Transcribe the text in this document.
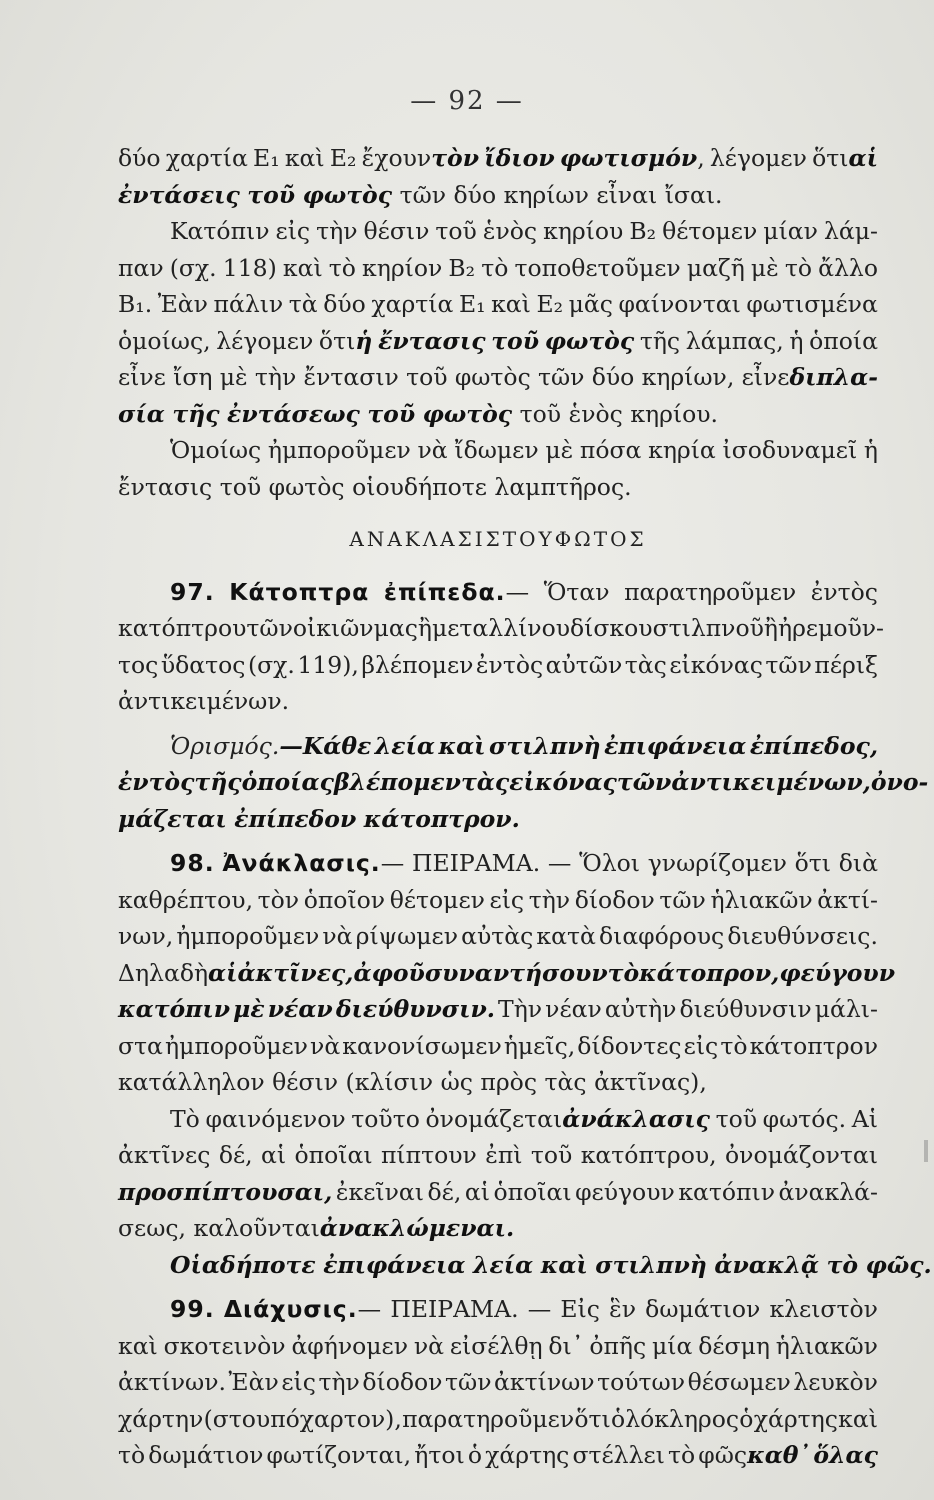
— 92 —
δύο χαρτία Ε₁ καὶ Ε₂ ἔχουντὸν ἴδιον φωτισμόν, λέγομεν ὅτιαἱ
ἐντάσεις τοῦ φωτὸς τῶν δύο κηρίων εἶναι ἴσαι.
Κατόπιν εἰς τὴν θέσιν τοῦ ἑνὸς κηρίου Β₂ θέτομεν μίαν λάμ-
παν (σχ. 118) καὶ τὸ κηρίον Β₂ τὸ τοποθετοῦμεν μαζῆ μὲ τὸ ἄλλο
Β₁. Ἐὰν πάλιν τὰ δύο χαρτία Ε₁ καὶ Ε₂ μᾶς φαίνονται φωτισμένα
ὁμοίως, λέγομεν ὅτιἡ ἔντασις τοῦ φωτὸς τῆς λάμπας, ἡ ὁποία
εἶνε ἴση μὲ τὴν ἔντασιν τοῦ φωτὸς τῶν δύο κηρίων, εἶνεδιπλα-
σία τῆς ἐντάσεως τοῦ φωτὸς τοῦ ἑνὸς κηρίου.
Ὁμοίως ἠμποροῦμεν νὰ ἴδωμεν μὲ πόσα κηρία ἰσοδυναμεῖ ἡ
ἔντασις τοῦ φωτὸς οἱουδήποτε λαμπτῆρος.
ΑΝΑΚΛΑΣΙΣ ΤΟΥ ΦΩΤΟΣ
97. Κάτοπτρα ἐπίπεδα.— Ὅταν παρατηροῦμεν ἐντὸς
κατόπτρου τῶν οἰκιῶν μας ἢ μεταλλίνου δίσκου στιλπνοῦ ἢ ἠρεμοῦν-
τος ὕδατος (σχ. 119), βλέπομεν ἐντὸς αὐτῶν τὰς εἰκόνας τῶν πέριξ
ἀντικειμένων.
Ὁρισμός.—Κάθε λεία καὶ στιλπνὴ ἐπιφάνεια ἐπίπεδος,
ἐντὸς τῆς ὁποίας βλέπομεν τὰς εἰκόνας τῶν ἀντικειμένων, ὀνο-
μάζεται ἐπίπεδον κάτοπτρον.
98. Ἀνάκλασις.— ΠΕΙΡΑΜΑ. — Ὅλοι γνωρίζομεν ὅτι διὰ
καθρέπτου, τὸν ὁποῖον θέτομεν εἰς τὴν δίοδον τῶν ἡλιακῶν ἀκτί-
νων, ἠμποροῦμεν νὰ ρίψωμεν αὐτὰς κατὰ διαφόρους διευθύνσεις.
Δηλαδὴαἱ ἀκτῖνες, ἀφοῦ συναντήσουν τὸ κάτοπρον, φεύγουν
κατόπιν μὲ νέαν διεύθυνσιν. Τὴν νέαν αὐτὴν διεύθυνσιν μάλι-
στα ἠμποροῦμεν νὰ κανονίσωμεν ἡμεῖς, δίδοντες εἰς τὸ κάτοπτρον
κατάλληλον θέσιν (κλίσιν ὡς πρὸς τὰς ἀκτῖνας),
Τὸ φαινόμενον τοῦτο ὀνομάζεταιἀνάκλασις τοῦ φωτός. Αἱ
ἀκτῖνες δέ, αἱ ὁποῖαι πίπτουν ἐπὶ τοῦ κατόπτρου, ὀνομάζονται
προσπίπτουσαι, ἐκεῖναι δέ, αἱ ὁποῖαι φεύγουν κατόπιν ἀνακλά-
σεως, καλοῦνταιἀνακλώμεναι.
Οἱαδήποτε ἐπιφάνεια λεία καὶ στιλπνὴ ἀνακλᾷ τὸ φῶς.
99. Διάχυσις.— ΠΕΙΡΑΜΑ. — Εἰς ἓν δωμάτιον κλειστὸν
καὶ σκοτεινὸν ἀφήνομεν νὰ εἰσέλθῃ δι᾽ ὀπῆς μία δέσμη ἡλιακῶν
ἀκτίνων. Ἐὰν εἰς τὴν δίοδον τῶν ἀκτίνων τούτων θέσωμεν λευκὸν
χάρτην (στουπόχαρτον), παρατηροῦμεν ὅτι ὁλόκληρος ὁ χάρτης καὶ
τὸ δωμάτιον φωτίζονται, ἤτοι ὁ χάρτης στέλλει τὸ φῶςκαθ᾽ ὅλας
